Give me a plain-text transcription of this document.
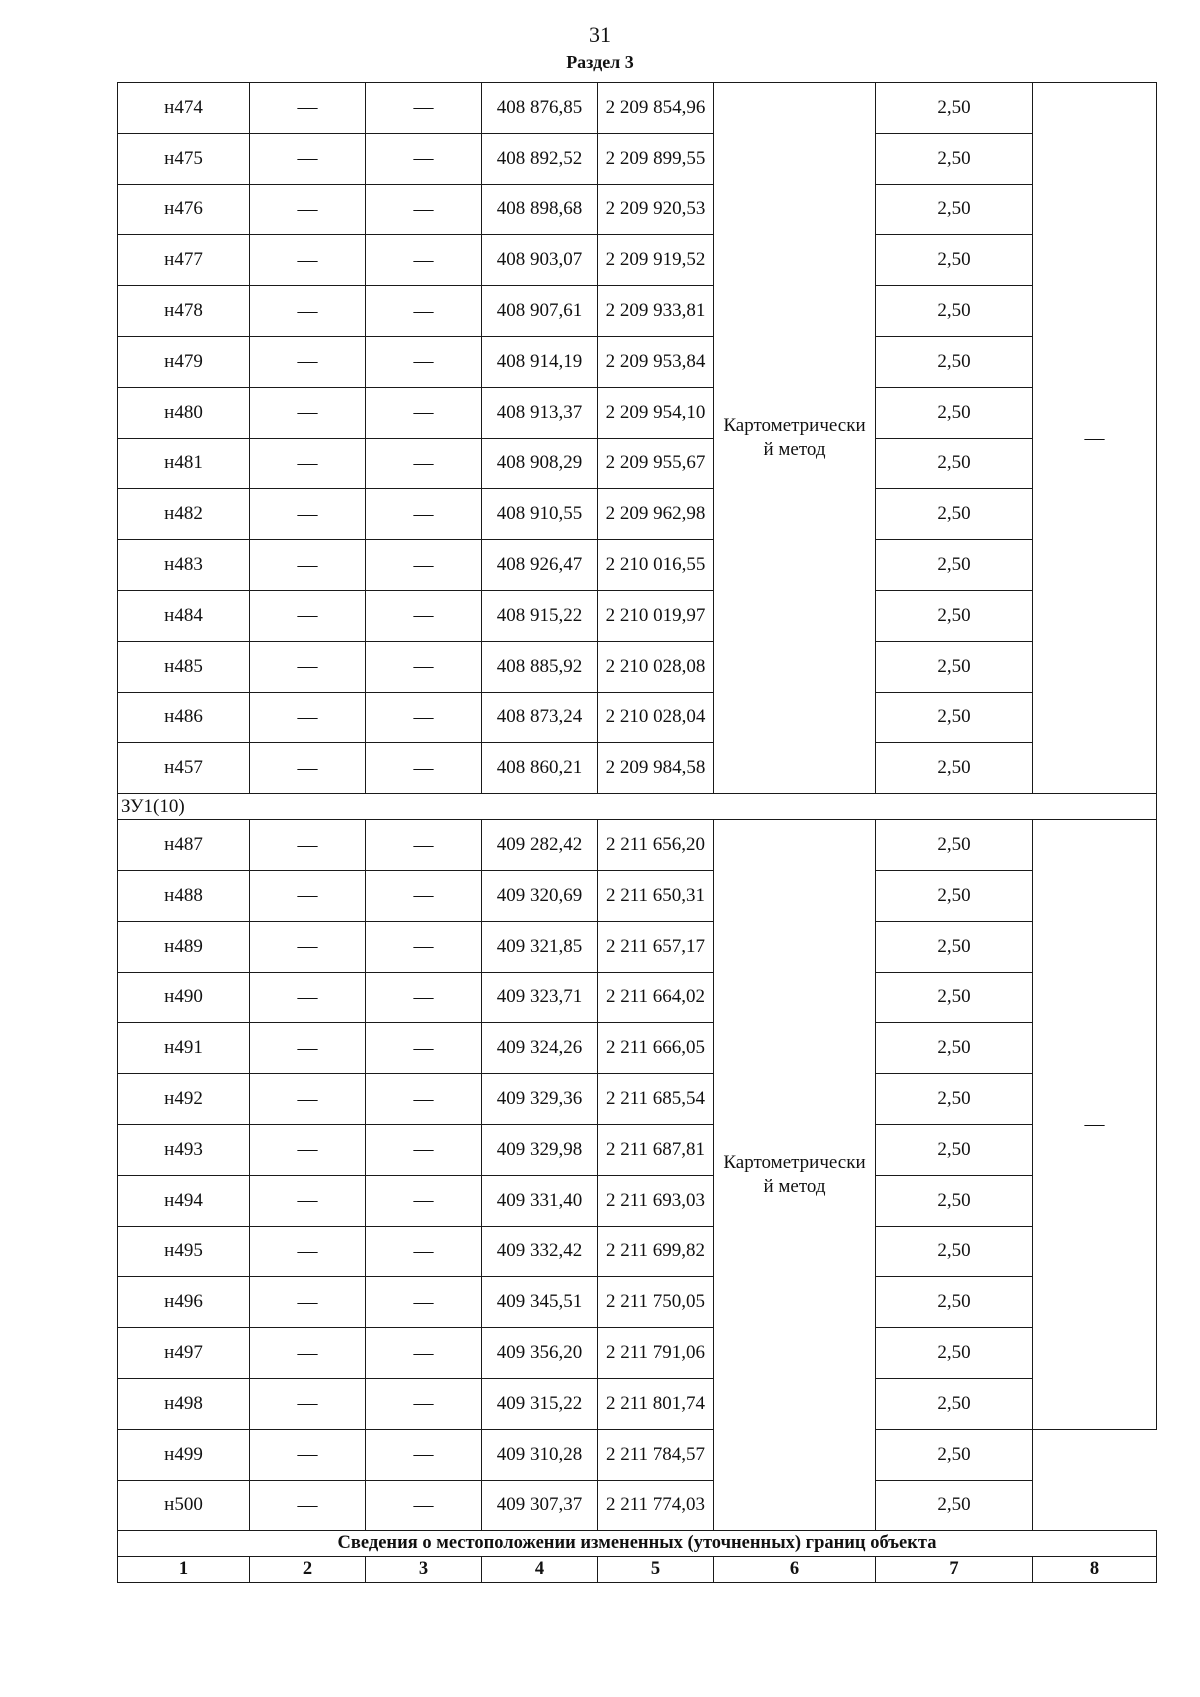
31
Раздел 3
н474	—	—	408 876,85	2 209 854,96	Картометрически й метод	2,50	—
н475	—	—	408 892,52	2 209 899,55		2,50	
н476	—	—	408 898,68	2 209 920,53		2,50	
н477	—	—	408 903,07	2 209 919,52		2,50	
н478	—	—	408 907,61	2 209 933,81		2,50	
н479	—	—	408 914,19	2 209 953,84		2,50	
н480	—	—	408 913,37	2 209 954,10		2,50	
н481	—	—	408 908,29	2 209 955,67		2,50	
н482	—	—	408 910,55	2 209 962,98		2,50	
н483	—	—	408 926,47	2 210 016,55		2,50	
н484	—	—	408 915,22	2 210 019,97		2,50	
н485	—	—	408 885,92	2 210 028,08		2,50	
н486	—	—	408 873,24	2 210 028,04		2,50	
н457	—	—	408 860,21	2 209 984,58		2,50	
ЗУ1(10)							
н487	—	—	409 282,42	2 211 656,20	Картометрически й метод	2,50	—
н488	—	—	409 320,69	2 211 650,31		2,50	
н489	—	—	409 321,85	2 211 657,17		2,50	
н490	—	—	409 323,71	2 211 664,02		2,50	
н491	—	—	409 324,26	2 211 666,05		2,50	
н492	—	—	409 329,36	2 211 685,54		2,50	
н493	—	—	409 329,98	2 211 687,81		2,50	
н494	—	—	409 331,40	2 211 693,03		2,50	
н495	—	—	409 332,42	2 211 699,82		2,50	
н496	—	—	409 345,51	2 211 750,05		2,50	
н497	—	—	409 356,20	2 211 791,06		2,50	
н498	—	—	409 315,22	2 211 801,74		2,50	
н499	—	—	409 310,28	2 211 784,57		2,50	
н500	—	—	409 307,37	2 211 774,03		2,50	
Сведения о местоположении измененных (уточненных) границ объекта							
1	2	3	4	5	6	7	8
